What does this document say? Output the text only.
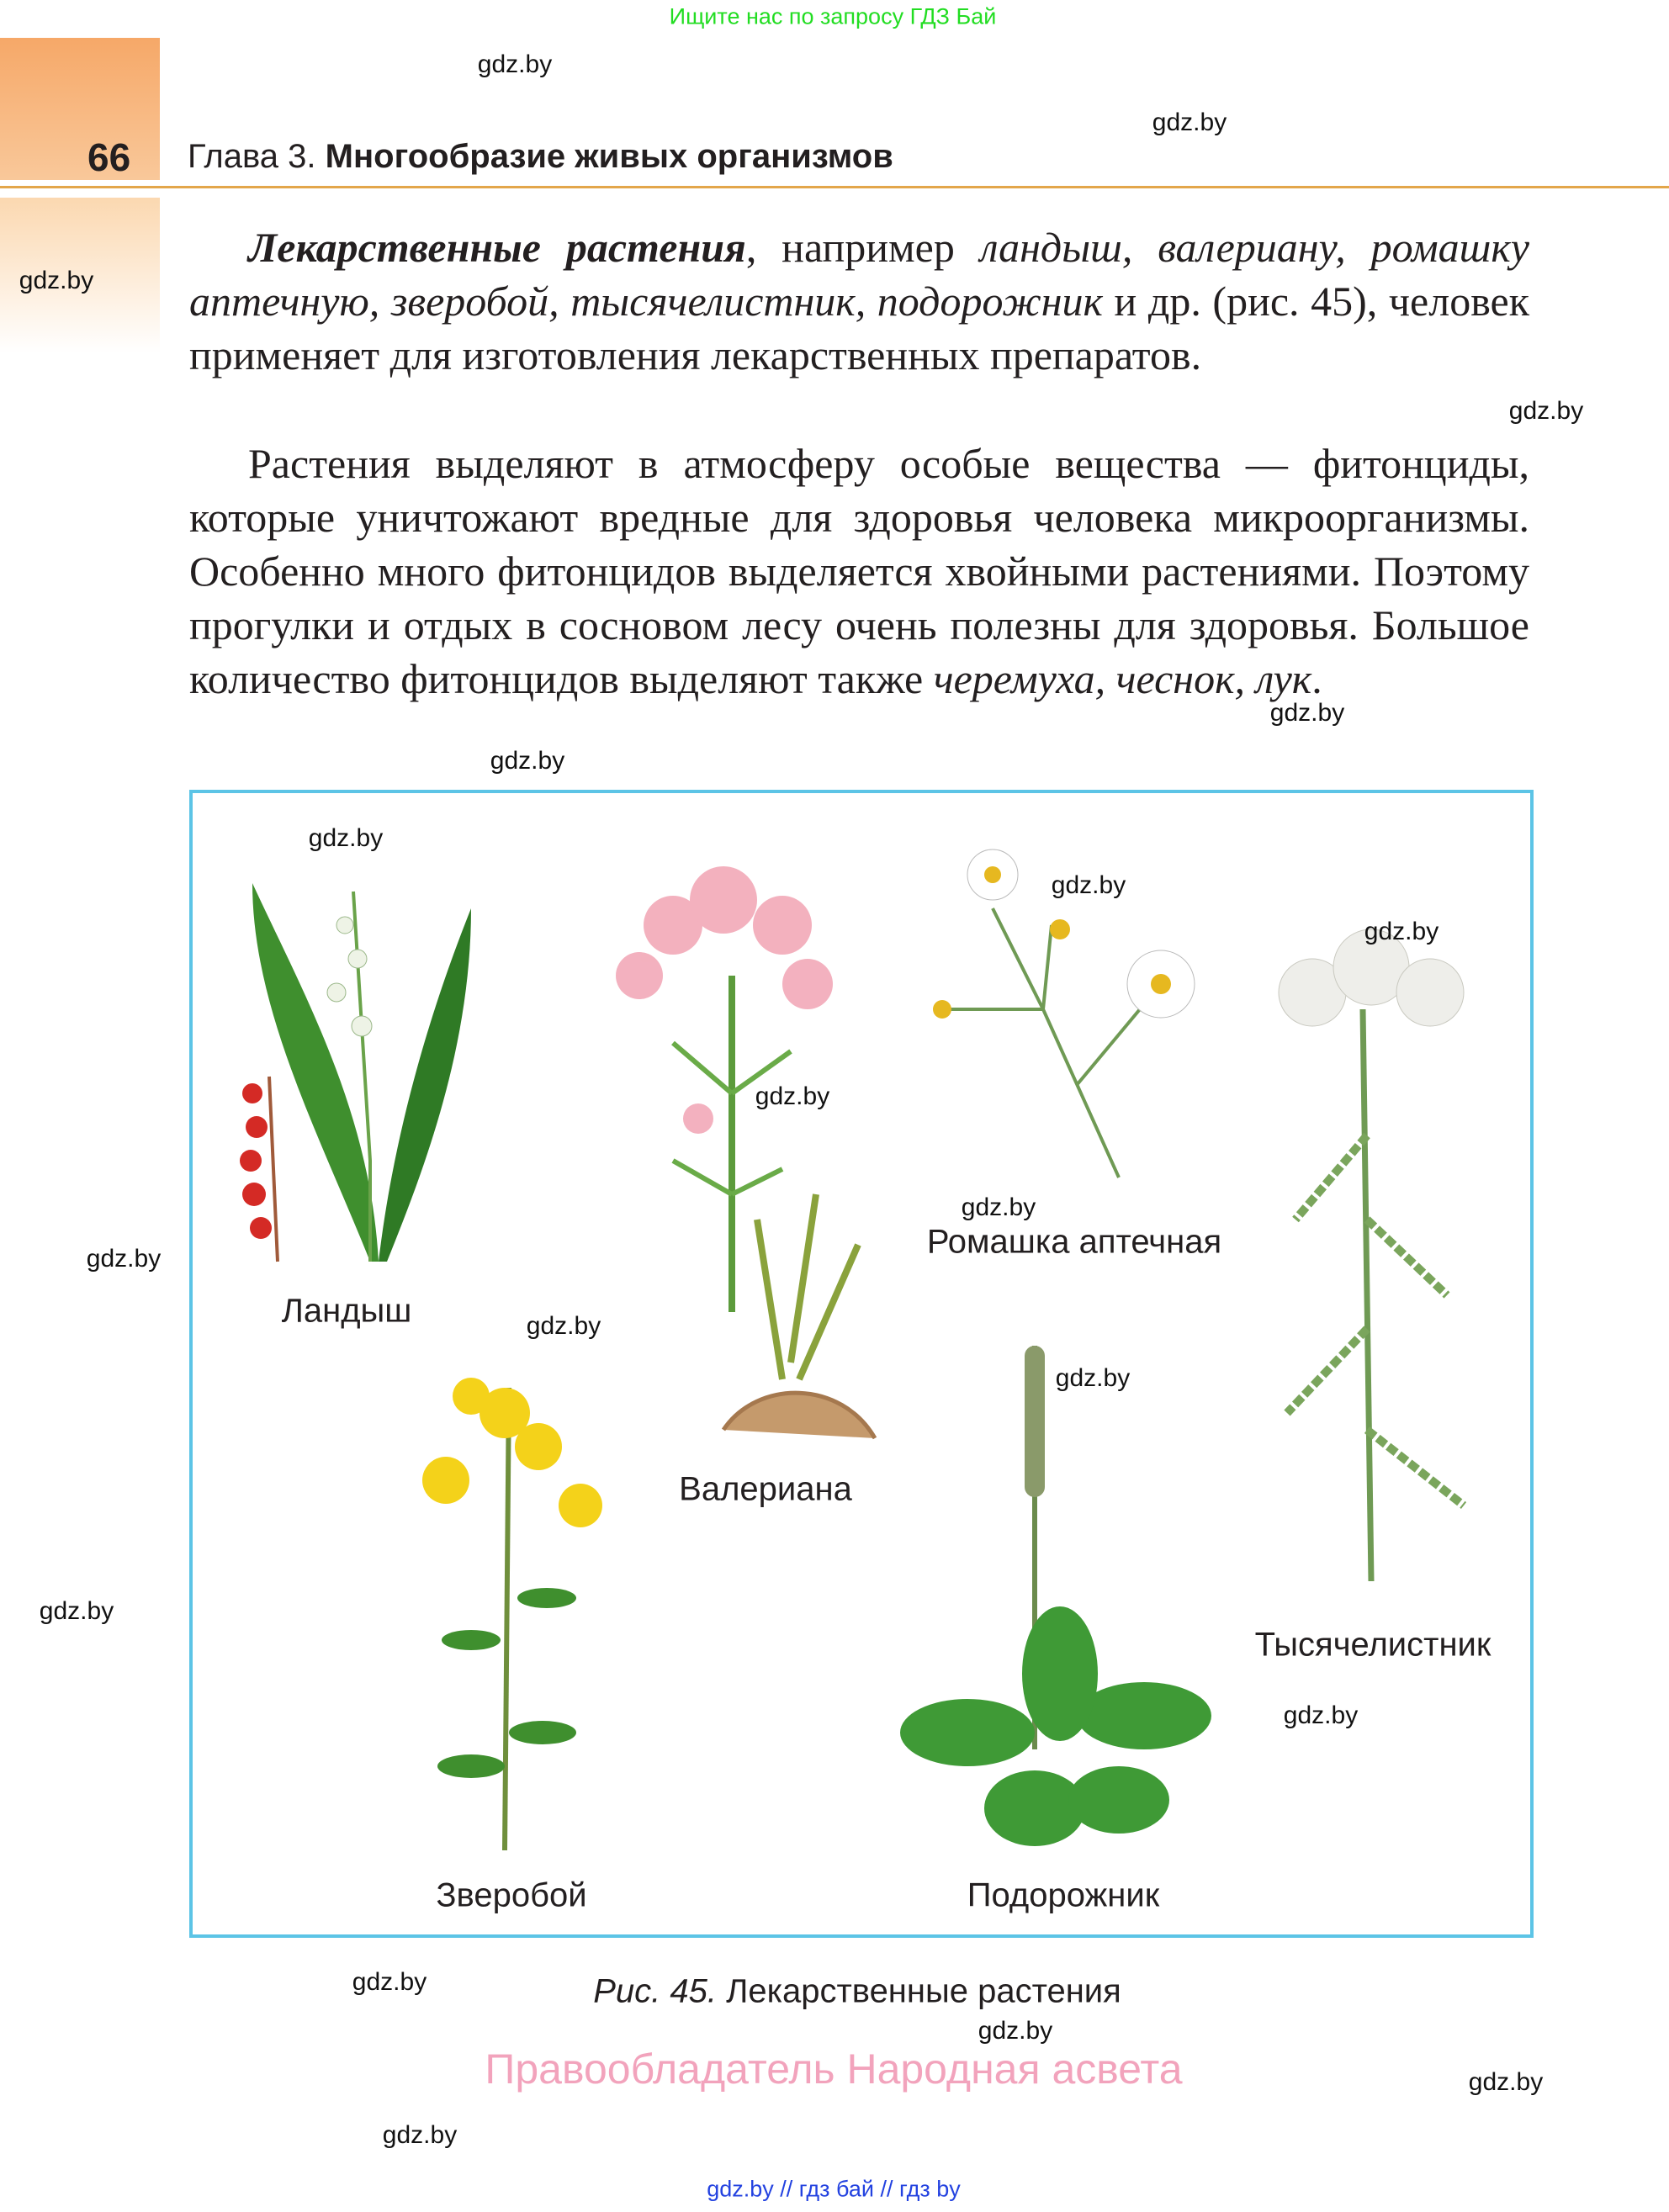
Ищите нас по запросу ГДЗ Бай
66 Глава 3. Многообразие живых организмов
Лекарственные растения, например ландыш, валериану, ромашку аптечную, зверобой, тысячелистник, подорожник и др. (рис. 45), человек применяет для изготовления лекарственных препаратов.
Растения выделяют в атмосферу особые вещества — фитонциды, которые уничтожают вредные для здоровья человека микроорганизмы. Особенно много фитонцидов выделяется хвойными растениями. Поэтому прогулки и отдых в сосновом лесу очень полезны для здоровья. Большое количество фитонцидов выделяют также черемуха, чеснок, лук.
Ландыш
Валериана
Ромашка аптечная
Тысячелистник
Зверобой	Подорожник
Рис. 45. Лекарственные растения
Правообладатель Народная асвета
gdz.by // гдз бай // гдз by
gdz.by
gdz.by
gdz.by
gdz.by
gdz.by
gdz.by
gdz.by
gdz.by
gdz.by
gdz.by
gdz.by
gdz.by
gdz.by
gdz.by
gdz.by
gdz.by
gdz.by
gdz.by
gdz.by
gdz.by
